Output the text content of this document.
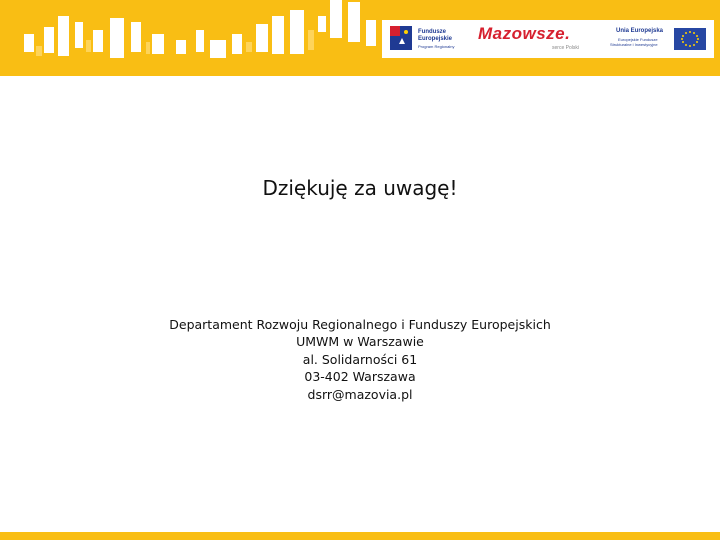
Fundusze
Europejskie
Program Regionalny
Mazowsze.
serce Polski
Unia Europejska
Europejskie Fundusze
Strukturalne i Inwestycyjne
Dziękuję za uwagę!
Departament Rozwoju Regionalnego i Funduszy Europejskich
UMWM w Warszawie
al. Solidarności 61
03-402 Warszawa
dsrr@mazovia.pl
